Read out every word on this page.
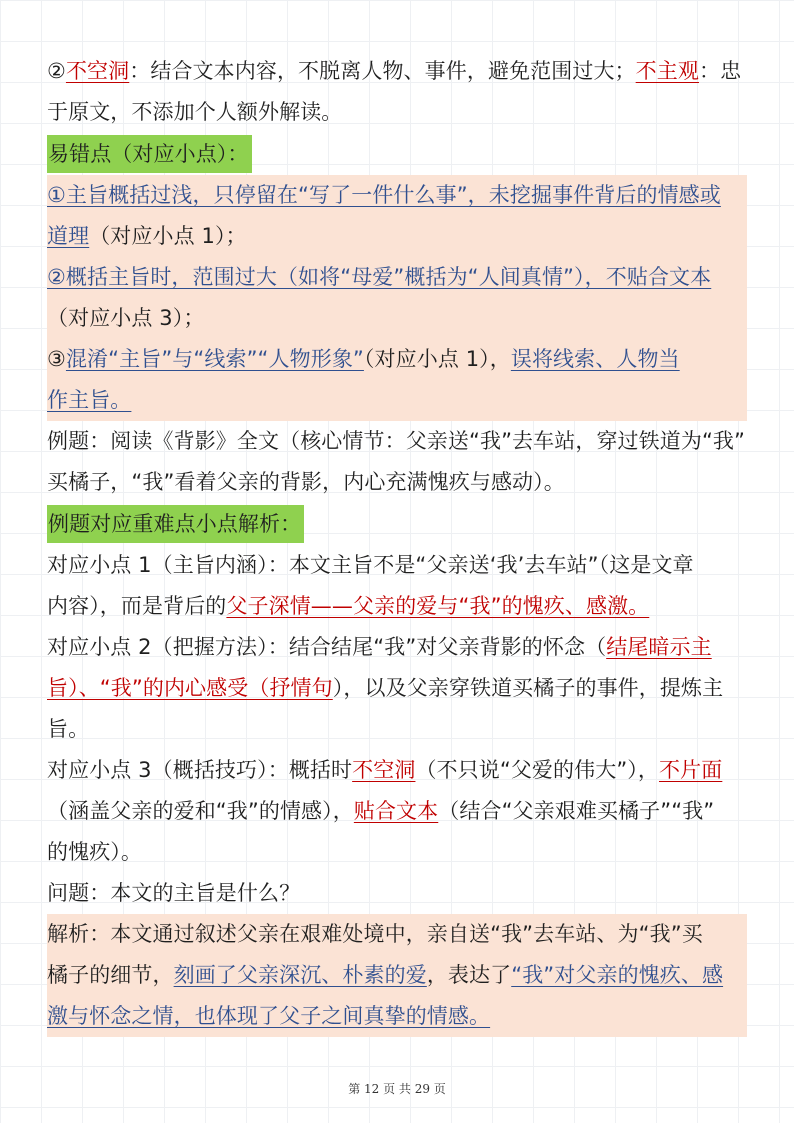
②不空洞：结合文本内容，不脱离人物、事件，避免范围过大；不主观：忠
于原文，不添加个人额外解读。
易错点（对应小点）：
①主旨概括过浅，只停留在“写了一件什么事”，未挖掘事件背后的情感或
道理（对应小点 1）；
②概括主旨时，范围过大（如将“母爱”概括为“人间真情”），不贴合文本
（对应小点 3）；
③混淆“主旨”与“线索”“人物形象”（对应小点 1），误将线索、人物当
作主旨。
例题：阅读《背影》全文（核心情节：父亲送“我”去车站，穿过铁道为“我”
买橘子，“我”看着父亲的背影，内心充满愧疚与感动）。
例题对应重难点小点解析：
对应小点 1（主旨内涵）：本文主旨不是“父亲送‘我’去车站”（这是文章
内容），而是背后的父子深情——父亲的爱与“我”的愧疚、感激。
对应小点 2（把握方法）：结合结尾“我”对父亲背影的怀念（结尾暗示主
旨）、“我”的内心感受（抒情句），以及父亲穿铁道买橘子的事件，提炼主
旨。
对应小点 3（概括技巧）：概括时不空洞（不只说“父爱的伟大”），不片面
（涵盖父亲的爱和“我”的情感），贴合文本（结合“父亲艰难买橘子”“我”
的愧疚）。
问题：本文的主旨是什么？
解析：本文通过叙述父亲在艰难处境中，亲自送“我”去车站、为“我”买
橘子的细节，刻画了父亲深沉、朴素的爱，表达了“我”对父亲的愧疚、感
激与怀念之情，也体现了父子之间真挚的情感。
第 12 页 共 29 页
